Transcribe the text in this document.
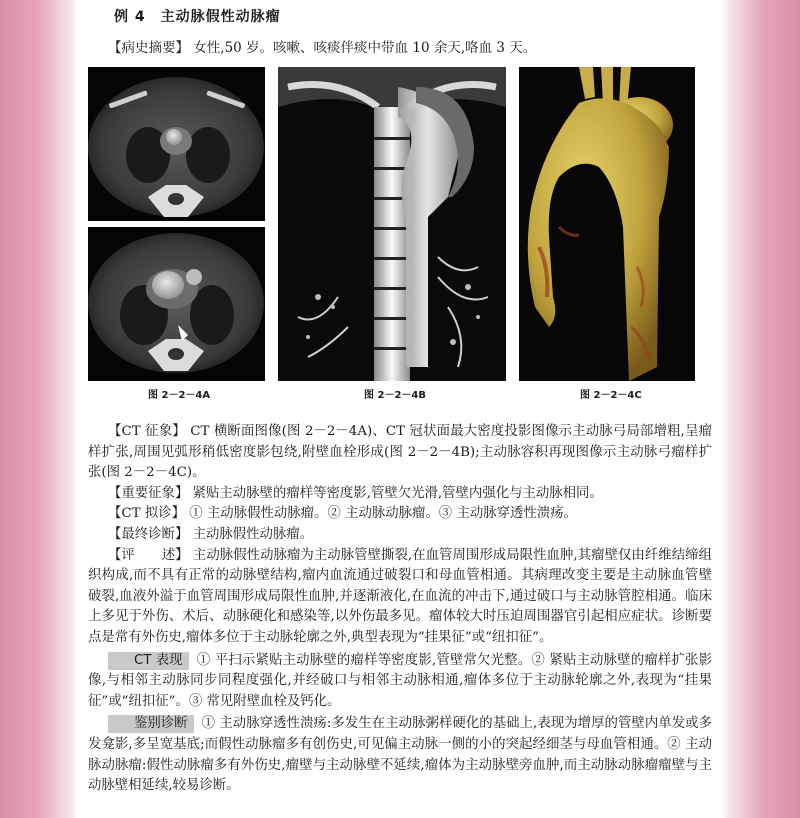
例 4　主动脉假性动脉瘤
【病史摘要】 女性,50 岁。咳嗽、咳痰伴痰中带血 10 余天,咯血 3 天。
图 2－2－4A	图 2－2－4B	图 2－2－4C

【CT 征象】 CT 横断面图像(图 2－2－4A)、CT 冠状面最大密度投影图像示主动脉弓局部增粗,呈瘤样扩张,周围见弧形稍低密度影包绕,附壁血栓形成(图 2－2－4B);主动脉容积再现图像示主动脉弓瘤样扩张(图 2－2－4C)。

【重要征象】 紧贴主动脉壁的瘤样等密度影,管壁欠光滑,管壁内强化与主动脉相同。

【CT 拟诊】 ① 主动脉假性动脉瘤。② 主动脉动脉瘤。③ 主动脉穿透性溃疡。

【最终诊断】 主动脉假性动脉瘤。

【评　　述】 主动脉假性动脉瘤为主动脉管壁撕裂,在血管周围形成局限性血肿,其瘤壁仅由纤维结缔组织构成,而不具有正常的动脉壁结构,瘤内血流通过破裂口和母血管相通。其病理改变主要是主动脉血管壁破裂,血液外溢于血管周围形成局限性血肿,并逐渐液化,在血流的冲击下,通过破口与主动脉管腔相通。临床上多见于外伤、术后、动脉硬化和感染等,以外伤最多见。瘤体较大时压迫周围器官引起相应症状。诊断要点是常有外伤史,瘤体多位于主动脉轮廓之外,典型表现为“挂果征”或“纽扣征”。

CT 表现 ① 平扫示紧贴主动脉壁的瘤样等密度影,管壁常欠光整。② 紧贴主动脉壁的瘤样扩张影像,与相邻主动脉同步同程度强化,并经破口与相邻主动脉相通,瘤体多位于主动脉轮廓之外,表现为“挂果征”或“纽扣征”。③ 常见附壁血栓及钙化。

鉴别诊断 ① 主动脉穿透性溃疡:多发生在主动脉粥样硬化的基础上,表现为增厚的管壁内单发或多发龛影,多呈宽基底;而假性动脉瘤多有创伤史,可见偏主动脉一侧的小的突起经细茎与母血管相通。② 主动脉动脉瘤:假性动脉瘤多有外伤史,瘤壁与主动脉壁不延续,瘤体为主动脉壁旁血肿,而主动脉动脉瘤瘤壁与主动脉壁相延续,较易诊断。
